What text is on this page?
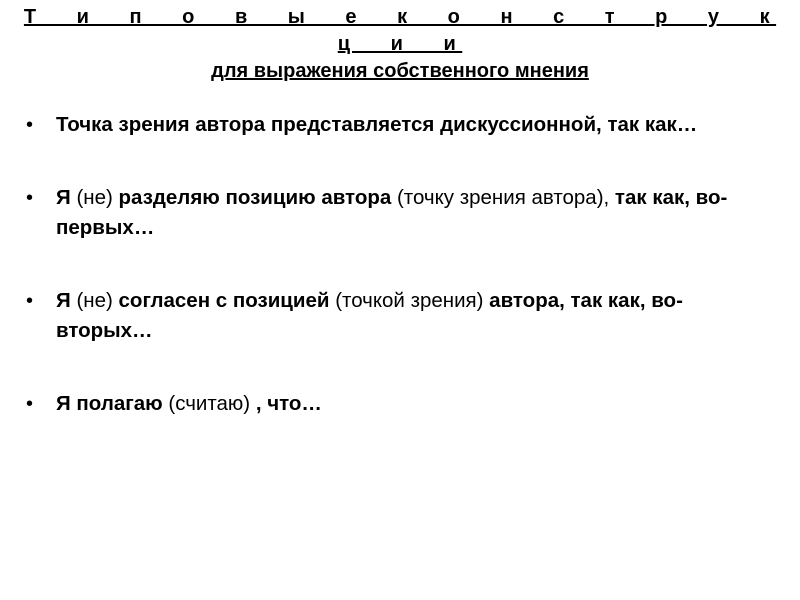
Т и п о в ы е к о н с т р у к ц и и
для выражения собственного мнения
• Точка зрения автора представляется дискуссионной, так как…
• Я (не) разделяю позицию автора (точку зрения автора), так как, во-первых…
• Я (не) согласен с позицией (точкой зрения) автора, так как, во- вторых…
• Я полагаю (считаю) , что…
